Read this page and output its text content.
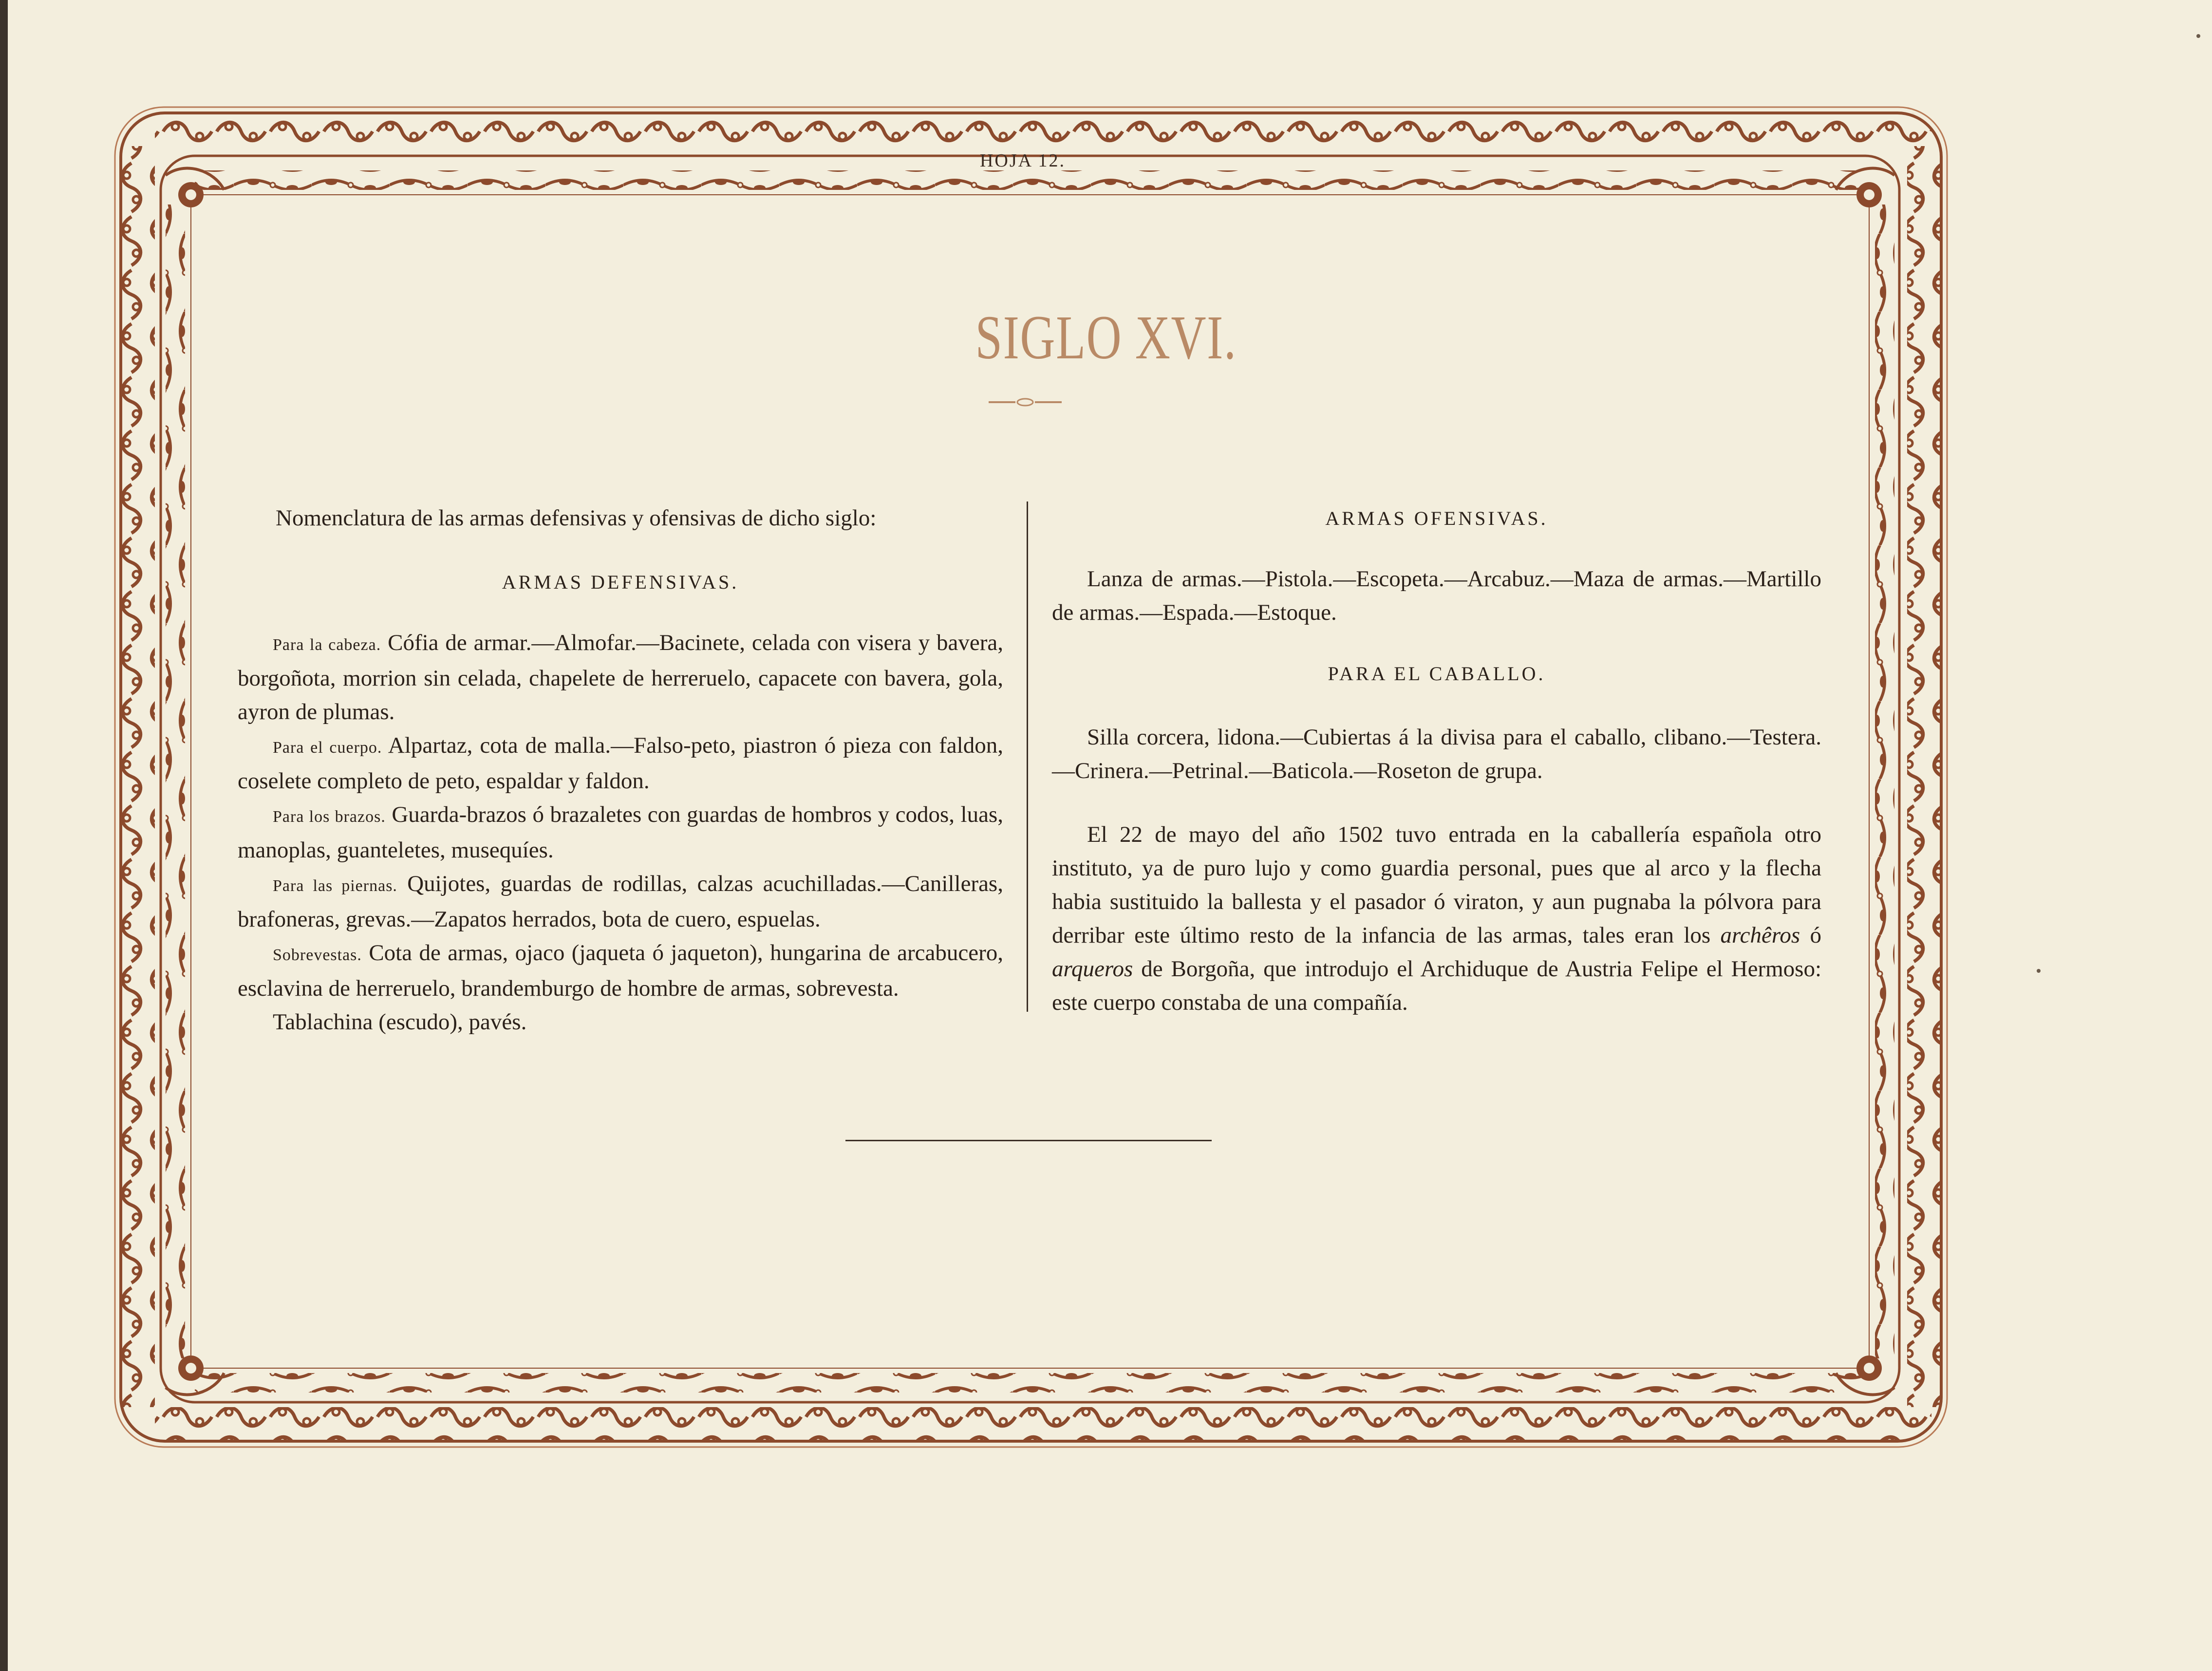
HOJA 12.
SIGLO XVI.

Nomenclatura de las armas defensivas y ofensivas de dicho siglo:

ARMAS DEFENSIVAS.

Para la cabeza. Cófia de armar.—Almofar.—Bacinete, celada con visera y bavera, borgoñota, morrion sin celada, chapelete de herreruelo, capacete con bavera, gola, ayron de plumas.

Para el cuerpo. Alpartaz, cota de malla.—Falso-peto, piastron ó pieza con faldon, coselete completo de peto, espaldar y faldon.

Para los brazos. Guarda-brazos ó brazaletes con guardas de hombros y codos, luas, manoplas, guanteletes, musequíes.

Para las piernas. Quijotes, guardas de rodillas, calzas acuchilladas.—Canilleras, brafoneras, grevas.—Zapatos herrados, bota de cuero, espuelas.

Sobrevestas. Cota de armas, ojaco (jaqueta ó jaqueton), hungarina de arcabucero, esclavina de herreruelo, brandemburgo de hombre de armas, sobrevesta.

Tablachina (escudo), pavés.

ARMAS OFENSIVAS.

Lanza de armas.—Pistola.—Escopeta.—Arcabuz.—Maza de armas.—Martillo de armas.—Espada.—Estoque.

PARA EL CABALLO.

Silla corcera, lidona.—Cubiertas á la divisa para el caballo, clibano.—Testera.—Crinera.—Petrinal.—Baticola.—Roseton de grupa.

El 22 de mayo del año 1502 tuvo entrada en la caballería española otro instituto, ya de puro lujo y como guardia personal, pues que al arco y la flecha habia sustituido la ballesta y el pasador ó viraton, y aun pugnaba la pólvora para derribar este último resto de la infancia de las armas, tales eran los archêros ó arqueros de Borgoña, que introdujo el Archiduque de Austria Felipe el Hermoso: este cuerpo constaba de una compañía.
